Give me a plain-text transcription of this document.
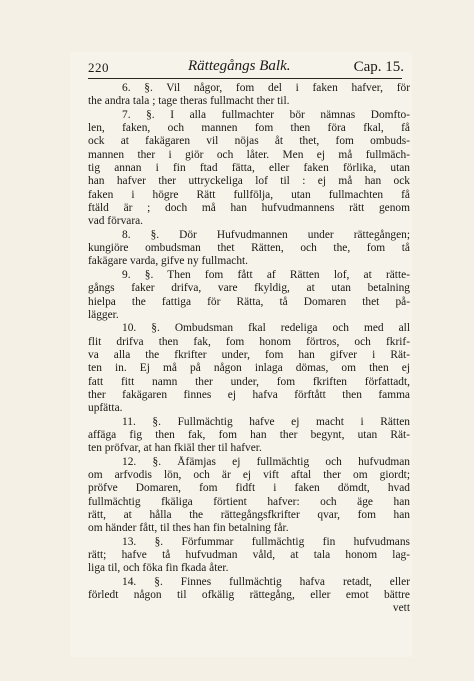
220	Rättegångs Balk.	Cap. 15.
6. §. Vil någor, fom del i faken hafver, för
the andra tala ; tage theras fullmacht ther til.
7. §. I alla fullmachter bör nämnas Domfto-
len, faken, och mannen fom then föra fkal, få
ock at fakägaren vil nöjas åt thet, fom ombuds-
mannen ther i giör och låter. Men ej må fullmäch-
tig annan i fin ftad fätta, eller faken förlika, utan
han hafver ther uttryckeliga lof til : ej må han ock
faken i högre Rätt fullfölja, utan fullmachten få
ftäld är ; doch må han hufvudmannens rätt genom
vad förvara.
8. §. Dör Hufvudmannen under rättegången;
kungiöre ombudsman thet Rätten, och the, fom tå
fakägare varda, gifve ny fullmacht.
9. §. Then fom fått af Rätten lof, at rätte-
gångs faker drifva, vare fkyldig, at utan betalning
hielpa the fattiga för Rätta, tå Domaren thet på-
lägger.
10. §. Ombudsman fkal redeliga och med all
flit drifva then fak, fom honom förtros, och fkrif-
va alla the fkrifter under, fom han gifver i Rät-
ten in. Ej må på någon inlaga dömas, om then ej
fatt fitt namn ther under, fom fkriften författadt,
ther fakägaren finnes ej hafva förftått then famma
upfätta.
11. §. Fullmächtig hafve ej macht i Rätten
affäga fig then fak, fom han ther begynt, utan Rät-
ten pröfvar, at han fkiäl ther til hafver.
12. §. Åfämjas ej fullmächtig och hufvudman
om arfvodis lön, och är ej vift aftal ther om giordt;
pröfve Domaren, fom fidft i faken dömdt, hvad
fullmächtig fkäliga förtient hafver: och äge han
rätt, at hålla the rättegångsfkrifter qvar, fom han
om händer fått, til thes han fin betalning får.
13. §. Förfummar fullmächtig fin hufvudmans
rätt; hafve tå hufvudman våld, at tala honom lag-
liga til, och föka fin fkada åter.
14. §. Finnes fullmächtig hafva retadt, eller
förledt någon til ofkälig rättegång, eller emot bättre
vett
